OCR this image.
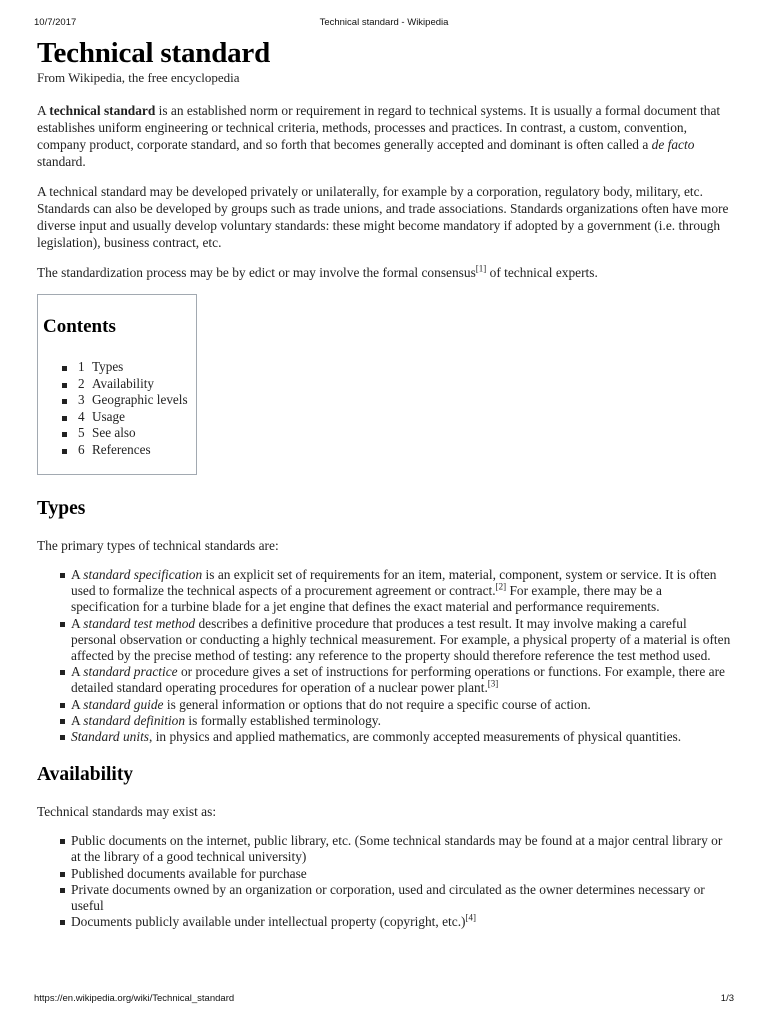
10/7/2017	Technical standard - Wikipedia
Technical standard
From Wikipedia, the free encyclopedia

A technical standard is an established norm or requirement in regard to technical systems. It is usually a formal document that establishes uniform engineering or technical criteria, methods, processes and practices. In contrast, a custom, convention, company product, corporate standard, and so forth that becomes generally accepted and dominant is often called a de facto standard.

A technical standard may be developed privately or unilaterally, for example by a corporation, regulatory body, military, etc. Standards can also be developed by groups such as trade unions, and trade associations. Standards organizations often have more diverse input and usually develop voluntary standards: these might become mandatory if adopted by a government (i.e. through legislation), business contract, etc.

The standardization process may be by edict or may involve the formal consensus[1] of technical experts.

Contents
1 Types
2 Availability
3 Geographic levels
4 Usage
5 See also
6 References
Types

The primary types of technical standards are:

A standard specification is an explicit set of requirements for an item, material, component, system or service. It is often used to formalize the technical aspects of a procurement agreement or contract.[2] For example, there may be a specification for a turbine blade for a jet engine that defines the exact material and performance requirements.
A standard test method describes a definitive procedure that produces a test result. It may involve making a careful personal observation or conducting a highly technical measurement. For example, a physical property of a material is often affected by the precise method of testing: any reference to the property should therefore reference the test method used.
A standard practice or procedure gives a set of instructions for performing operations or functions. For example, there are detailed standard operating procedures for operation of a nuclear power plant.[3]
A standard guide is general information or options that do not require a specific course of action.
A standard definition is formally established terminology.
Standard units, in physics and applied mathematics, are commonly accepted measurements of physical quantities.
Availability

Technical standards may exist as:

Public documents on the internet, public library, etc. (Some technical standards may be found at a major central library or at the library of a good technical university)
Published documents available for purchase
Private documents owned by an organization or corporation, used and circulated as the owner determines necessary or useful
Documents publicly available under intellectual property (copyright, etc.)[4]
https://en.wikipedia.org/wiki/Technical_standard	1/3
